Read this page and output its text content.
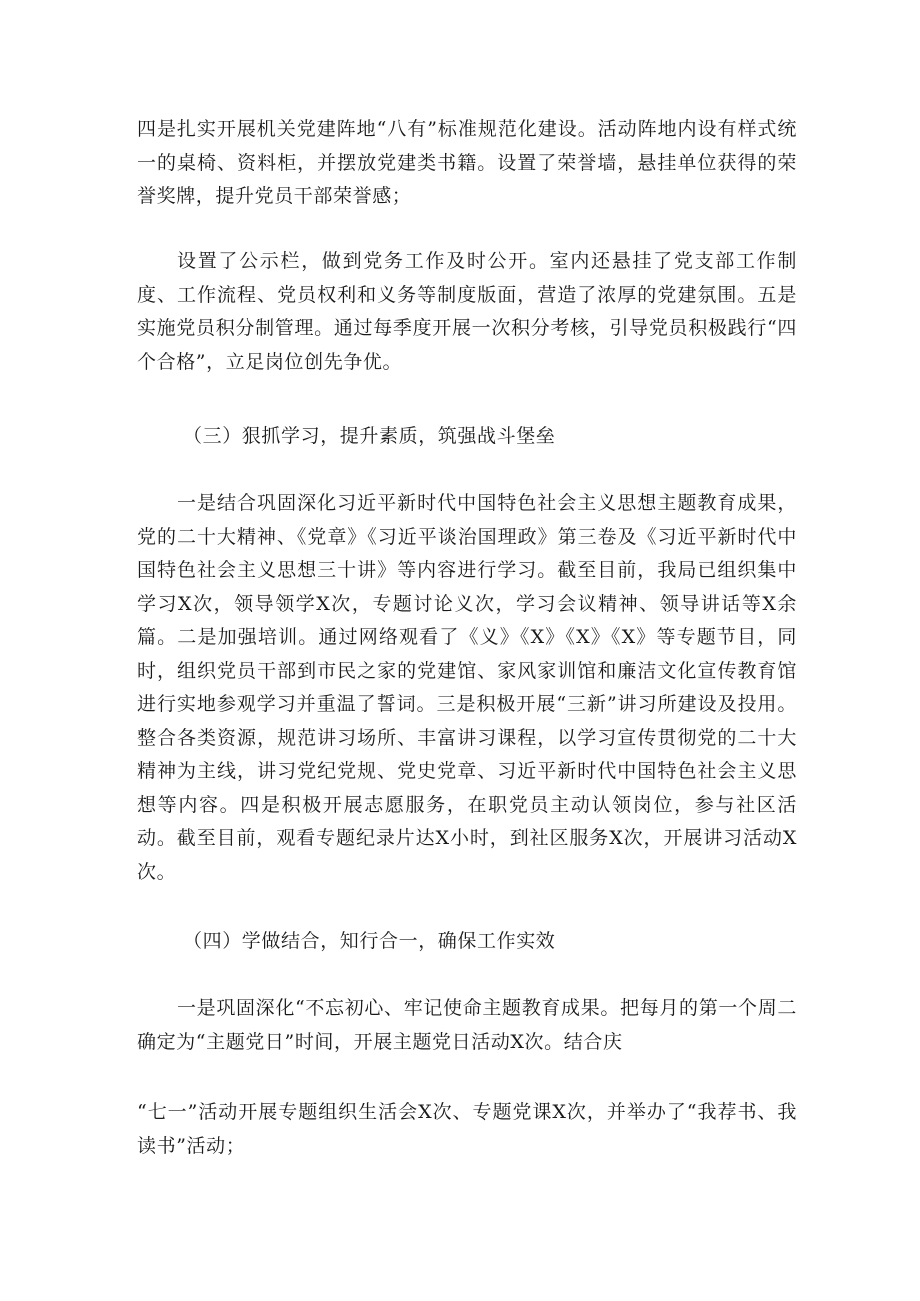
四是扎实开展机关党建阵地“八有”标准规范化建设。活动阵地内设有样式统一的桌椅、资料柜，并摆放党建类书籍。设置了荣誉墙，悬挂单位获得的荣誉奖牌，提升党员干部荣誉感；

设置了公示栏，做到党务工作及时公开。室内还悬挂了党支部工作制度、工作流程、党员权利和义务等制度版面，营造了浓厚的党建氛围。五是实施党员积分制管理。通过每季度开展一次积分考核，引导党员积极践行“四个合格”，立足岗位创先争优。

（三）狠抓学习，提升素质，筑强战斗堡垒

一是结合巩固深化习近平新时代中国特色社会主义思想主题教育成果，党的二十大精神、《党章》《习近平谈治国理政》第三卷及《习近平新时代中国特色社会主义思想三十讲》等内容进行学习。截至目前，我局已组织集中学习X次，领导领学X次，专题讨论义次，学习会议精神、领导讲话等X余篇。二是加强培训。通过网络观看了《义》《X》《X》《X》等专题节目，同时，组织党员干部到市民之家的党建馆、家风家训馆和廉洁文化宣传教育馆进行实地参观学习并重温了誓词。三是积极开展“三新”讲习所建设及投用。整合各类资源，规范讲习场所、丰富讲习课程，以学习宣传贯彻党的二十大精神为主线，讲习党纪党规、党史党章、习近平新时代中国特色社会主义思想等内容。四是积极开展志愿服务，在职党员主动认领岗位，参与社区活动。截至目前，观看专题纪录片达X小时，到社区服务X次，开展讲习活动X次。

（四）学做结合，知行合一，确保工作实效

一是巩固深化“不忘初心、牢记使命主题教育成果。把每月的第一个周二确定为“主题党日”时间，开展主题党日活动X次。结合庆

“七一”活动开展专题组织生活会X次、专题党课X次，并举办了“我荐书、我读书”活动；
